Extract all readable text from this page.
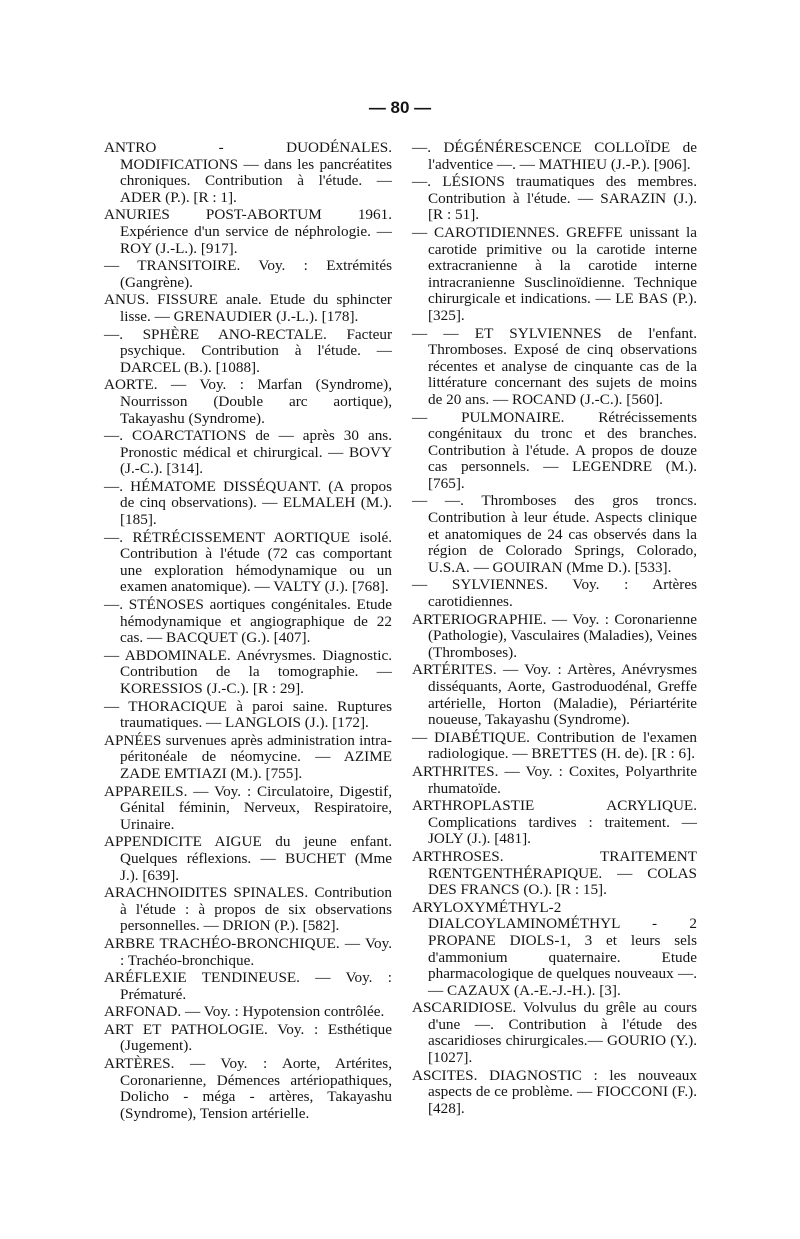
— 80 —

ANTRO - DUODÉNALES. MODIFICATIONS — dans les pancréatites chroniques. Contribution à l'étude. — ADER (P.). [R : 1].

ANURIES POST-ABORTUM 1961. Expérience d'un service de néphrologie. — ROY (J.-L.). [917].

— TRANSITOIRE. Voy. : Extrémités (Gangrène).

ANUS. FISSURE anale. Etude du sphincter lisse. — GRENAUDIER (J.-L.). [178].

—. SPHÈRE ANO-RECTALE. Facteur psychique. Contribution à l'étude. — DARCEL (B.). [1088].

AORTE. — Voy. : Marfan (Syndrome), Nourrisson (Double arc aortique), Takayashu (Syndrome).

—. COARCTATIONS de — après 30 ans. Pronostic médical et chirurgical. — BOVY (J.-C.). [314].

—. HÉMATOME DISSÉQUANT. (A propos de cinq observations). — ELMALEH (M.). [185].

—. RÉTRÉCISSEMENT AORTIQUE isolé. Contribution à l'étude (72 cas comportant une exploration hémodynamique ou un examen anatomique). — VALTY (J.). [768].

—. STÉNOSES aortiques congénitales. Etude hémodynamique et angiographique de 22 cas. — BACQUET (G.). [407].

— ABDOMINALE. Anévrysmes. Diagnostic. Contribution de la tomographie. — KORESSIOS (J.-C.). [R : 29].

— THORACIQUE à paroi saine. Ruptures traumatiques. — LANGLOIS (J.). [172].

APNÉES survenues après administration intra-péritonéale de néomycine. — AZIME ZADE EMTIAZI (M.). [755].

APPAREILS. — Voy. : Circulatoire, Digestif, Génital féminin, Nerveux, Respiratoire, Urinaire.

APPENDICITE AIGUE du jeune enfant. Quelques réflexions. — BUCHET (Mme J.). [639].

ARACHNOIDITES SPINALES. Contribution à l'étude : à propos de six observations personnelles. — DRION (P.). [582].

ARBRE TRACHÉO-BRONCHIQUE. — Voy. : Trachéo-bronchique.

ARÉFLEXIE TENDINEUSE. — Voy. : Prématuré.

ARFONAD. — Voy. : Hypotension contrôlée.

ART ET PATHOLOGIE. Voy. : Esthétique (Jugement).

ARTÈRES. — Voy. : Aorte, Artérites, Coronarienne, Démences artériopathiques, Dolicho - méga - artères, Takayashu (Syndrome), Tension artérielle.

—. DÉGÉNÉRESCENCE COLLOÏDE de l'adventice —. — MATHIEU (J.-P.). [906].

—. LÉSIONS traumatiques des membres. Contribution à l'étude. — SARAZIN (J.). [R : 51].

— CAROTIDIENNES. GREFFE unissant la carotide primitive ou la carotide interne extracranienne à la carotide interne intracranienne Susclinoïdienne. Technique chirurgicale et indications. — LE BAS (P.). [325].

— — ET SYLVIENNES de l'enfant. Thromboses. Exposé de cinq observations récentes et analyse de cinquante cas de la littérature concernant des sujets de moins de 20 ans. — ROCAND (J.-C.). [560].

— PULMONAIRE. Rétrécissements congénitaux du tronc et des branches. Contribution à l'étude. A propos de douze cas personnels. — LEGENDRE (M.). [765].

— —. Thromboses des gros troncs. Contribution à leur étude. Aspects clinique et anatomiques de 24 cas observés dans la région de Colorado Springs, Colorado, U.S.A. — GOUIRAN (Mme D.). [533].

— SYLVIENNES. Voy. : Artères carotidiennes.

ARTERIOGRAPHIE. — Voy. : Coronarienne (Pathologie), Vasculaires (Maladies), Veines (Thromboses).

ARTÉRITES. — Voy. : Artères, Anévrysmes disséquants, Aorte, Gastroduodénal, Greffe artérielle, Horton (Maladie), Périartérite noueuse, Takayashu (Syndrome).

— DIABÉTIQUE. Contribution de l'examen radiologique. — BRETTES (H. de). [R : 6].

ARTHRITES. — Voy. : Coxites, Polyarthrite rhumatoïde.

ARTHROPLASTIE ACRYLIQUE. Complications tardives : traitement. — JOLY (J.). [481].

ARTHROSES. TRAITEMENT RŒNTGENTHÉRAPIQUE. — COLAS DES FRANCS (O.). [R : 15].

ARYLOXYMÉTHYL-2 DIALCOYLAMINOMÉTHYL - 2 PROPANE DIOLS-1, 3 et leurs sels d'ammonium quaternaire. Etude pharmacologique de quelques nouveaux —. — CAZAUX (A.-E.-J.-H.). [3].

ASCARIDIOSE. Volvulus du grêle au cours d'une —. Contribution à l'étude des ascaridioses chirurgicales.— GOURIO (Y.). [1027].

ASCITES. DIAGNOSTIC : les nouveaux aspects de ce problème. — FIOCCONI (F.). [428].
